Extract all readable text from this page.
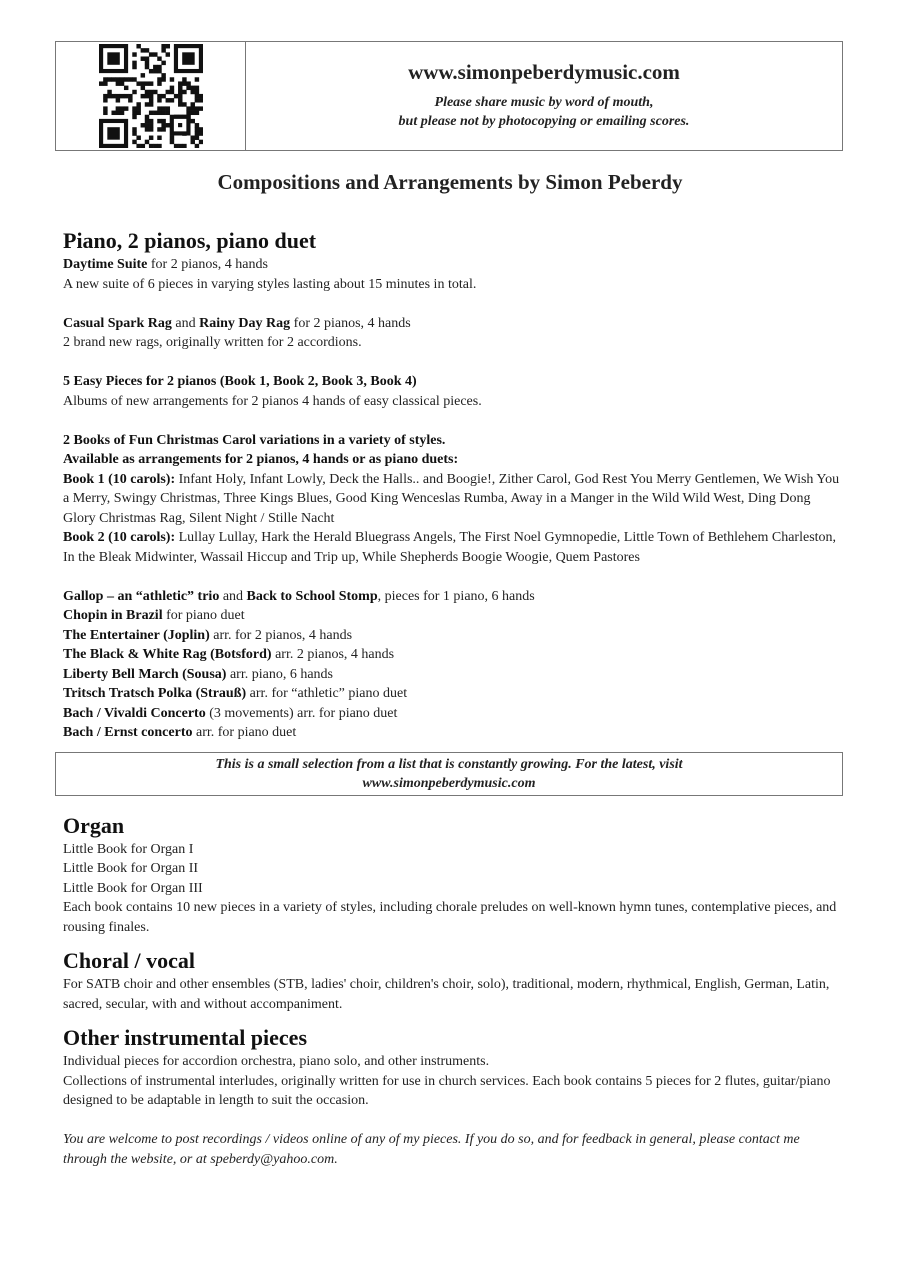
www.simonpeberdymusic.com
Please share music by word of mouth,
but please not by photocopying or emailing scores.
Compositions and Arrangements by Simon Peberdy
Piano, 2 pianos, piano duet

Daytime Suite for 2 pianos, 4 hands

A new suite of 6 pieces in varying styles lasting about 15 minutes in total.

Casual Spark Rag and Rainy Day Rag for 2 pianos, 4 hands

2 brand new rags, originally written for 2 accordions.

5 Easy Pieces for 2 pianos (Book 1, Book 2, Book 3, Book 4)

Albums of new arrangements for 2 pianos 4 hands of easy classical pieces.

2 Books of Fun Christmas Carol variations in a variety of styles.

Available as arrangements for 2 pianos, 4 hands or as piano duets:

Book 1 (10 carols): Infant Holy, Infant Lowly, Deck the Halls.. and Boogie!, Zither Carol, God Rest You Merry Gentlemen, We Wish You a Merry, Swingy Christmas, Three Kings Blues, Good King Wenceslas Rumba, Away in a Manger in the Wild Wild West, Ding Dong Glory Christmas Rag, Silent Night / Stille Nacht

Book 2 (10 carols): Lullay Lullay, Hark the Herald Bluegrass Angels, The First Noel Gymnopedie, Little Town of Bethlehem Charleston, In the Bleak Midwinter, Wassail Hiccup and Trip up, While Shepherds Boogie Woogie, Quem Pastores

Gallop – an “athletic” trio and Back to School Stomp, pieces for 1 piano, 6 hands

Chopin in Brazil for piano duet

The Entertainer (Joplin) arr. for 2 pianos, 4 hands

The Black & White Rag (Botsford) arr. 2 pianos, 4 hands

Liberty Bell March (Sousa) arr. piano, 6 hands

Tritsch Tratsch Polka (Strauß) arr. for “athletic” piano duet

Bach / Vivaldi Concerto (3 movements) arr. for piano duet

Bach / Ernst concerto arr. for piano duet

This is a small selection from a list that is constantly growing. For the latest, visit
www.simonpeberdymusic.com
Organ

Little Book for Organ I

Little Book for Organ II

Little Book for Organ III

Each book contains 10 new pieces in a variety of styles, including chorale preludes on well-known hymn tunes, contemplative pieces, and rousing finales.

Choral / vocal

For SATB choir and other ensembles (STB, ladies' choir, children's choir, solo), traditional, modern, rhythmical, English, German, Latin, sacred, secular, with and without accompaniment.

Other instrumental pieces

Individual pieces for accordion orchestra, piano solo, and other instruments.

Collections of instrumental interludes, originally written for use in church services. Each book contains 5 pieces for 2 flutes, guitar/piano designed to be adaptable in length to suit the occasion.

You are welcome to post recordings / videos online of any of my pieces. If you do so, and for feedback in general, please contact me through the website, or at speberdy@yahoo.com.
